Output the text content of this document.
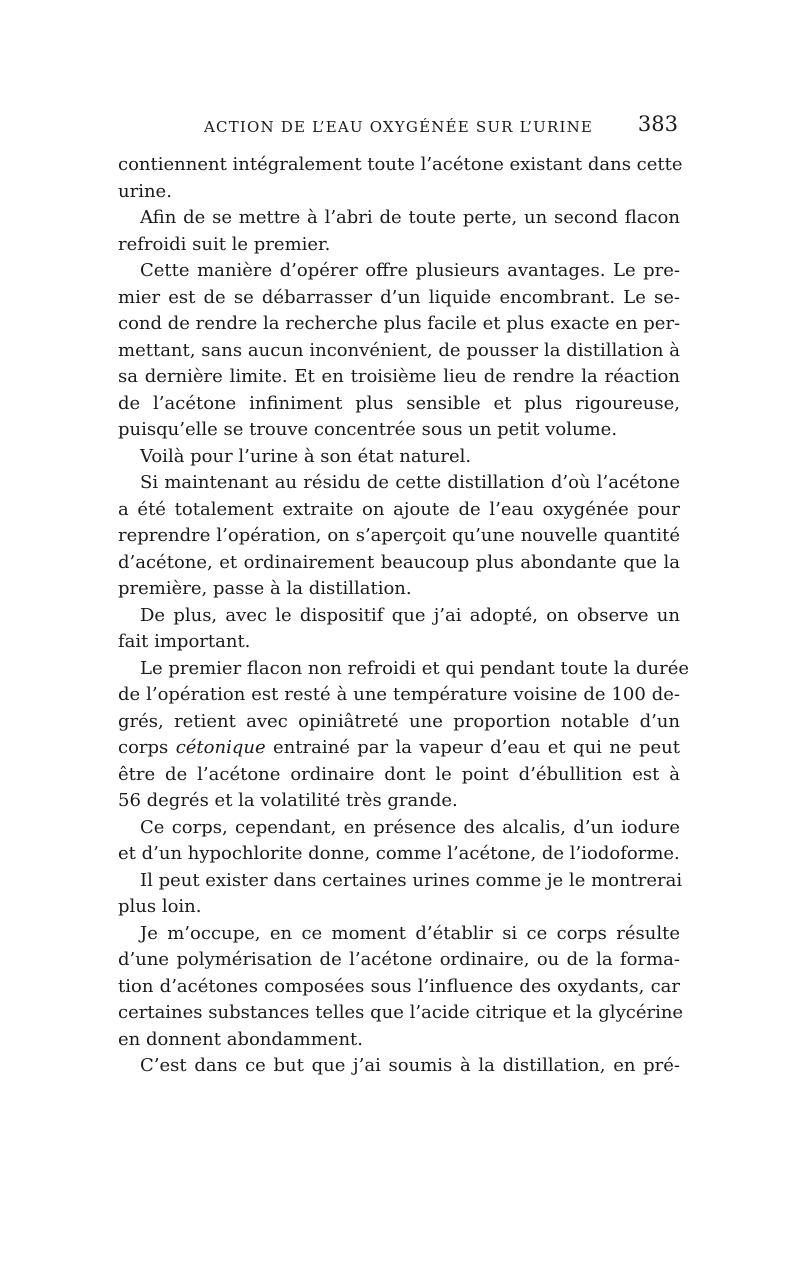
ACTION DE L’EAU OXYGÉNÉE SUR L’URINE 383
contiennent intégralement toute l’acétone existant dans cette
urine.
Afin de se mettre à l’abri de toute perte, un second flacon
refroidi suit le premier.
Cette manière d’opérer offre plusieurs avantages. Le pre-
mier est de se débarrasser d’un liquide encombrant. Le se-
cond de rendre la recherche plus facile et plus exacte en per-
mettant, sans aucun inconvénient, de pousser la distillation à
sa dernière limite. Et en troisième lieu de rendre la réaction
de l’acétone infiniment plus sensible et plus rigoureuse,
puisqu’elle se trouve concentrée sous un petit volume.
Voilà pour l’urine à son état naturel.
Si maintenant au résidu de cette distillation d’où l’acétone
a été totalement extraite on ajoute de l’eau oxygénée pour
reprendre l’opération, on s’aperçoit qu’une nouvelle quantité
d’acétone, et ordinairement beaucoup plus abondante que la
première, passe à la distillation.
De plus, avec le dispositif que j’ai adopté, on observe un
fait important.
Le premier flacon non refroidi et qui pendant toute la durée
de l’opération est resté à une température voisine de 100 de-
grés, retient avec opiniâtreté une proportion notable d’un
corps cétonique entrainé par la vapeur d’eau et qui ne peut
être de l’acétone ordinaire dont le point d’ébullition est à
56 degrés et la volatilité très grande.
Ce corps, cependant, en présence des alcalis, d’un iodure
et d’un hypochlorite donne, comme l’acétone, de l’iodoforme.
Il peut exister dans certaines urines comme je le montrerai
plus loin.
Je m’occupe, en ce moment d’établir si ce corps résulte
d’une polymérisation de l’acétone ordinaire, ou de la forma-
tion d’acétones composées sous l’influence des oxydants, car
certaines substances telles que l’acide citrique et la glycérine
en donnent abondamment.
C’est dans ce but que j’ai soumis à la distillation, en pré-
